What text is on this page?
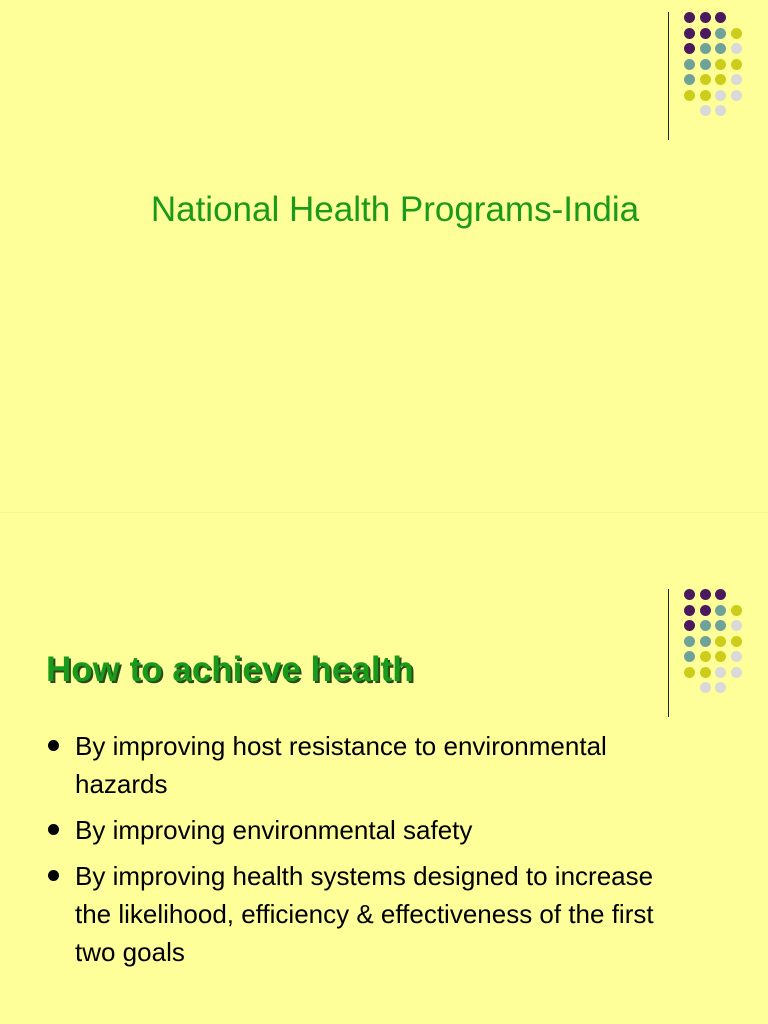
National Health Programs-India
How to achieve health
By improving host resistance to environmental hazards
By improving environmental safety
By improving health systems designed to increase the likelihood, efficiency & effectiveness of the first two goals
